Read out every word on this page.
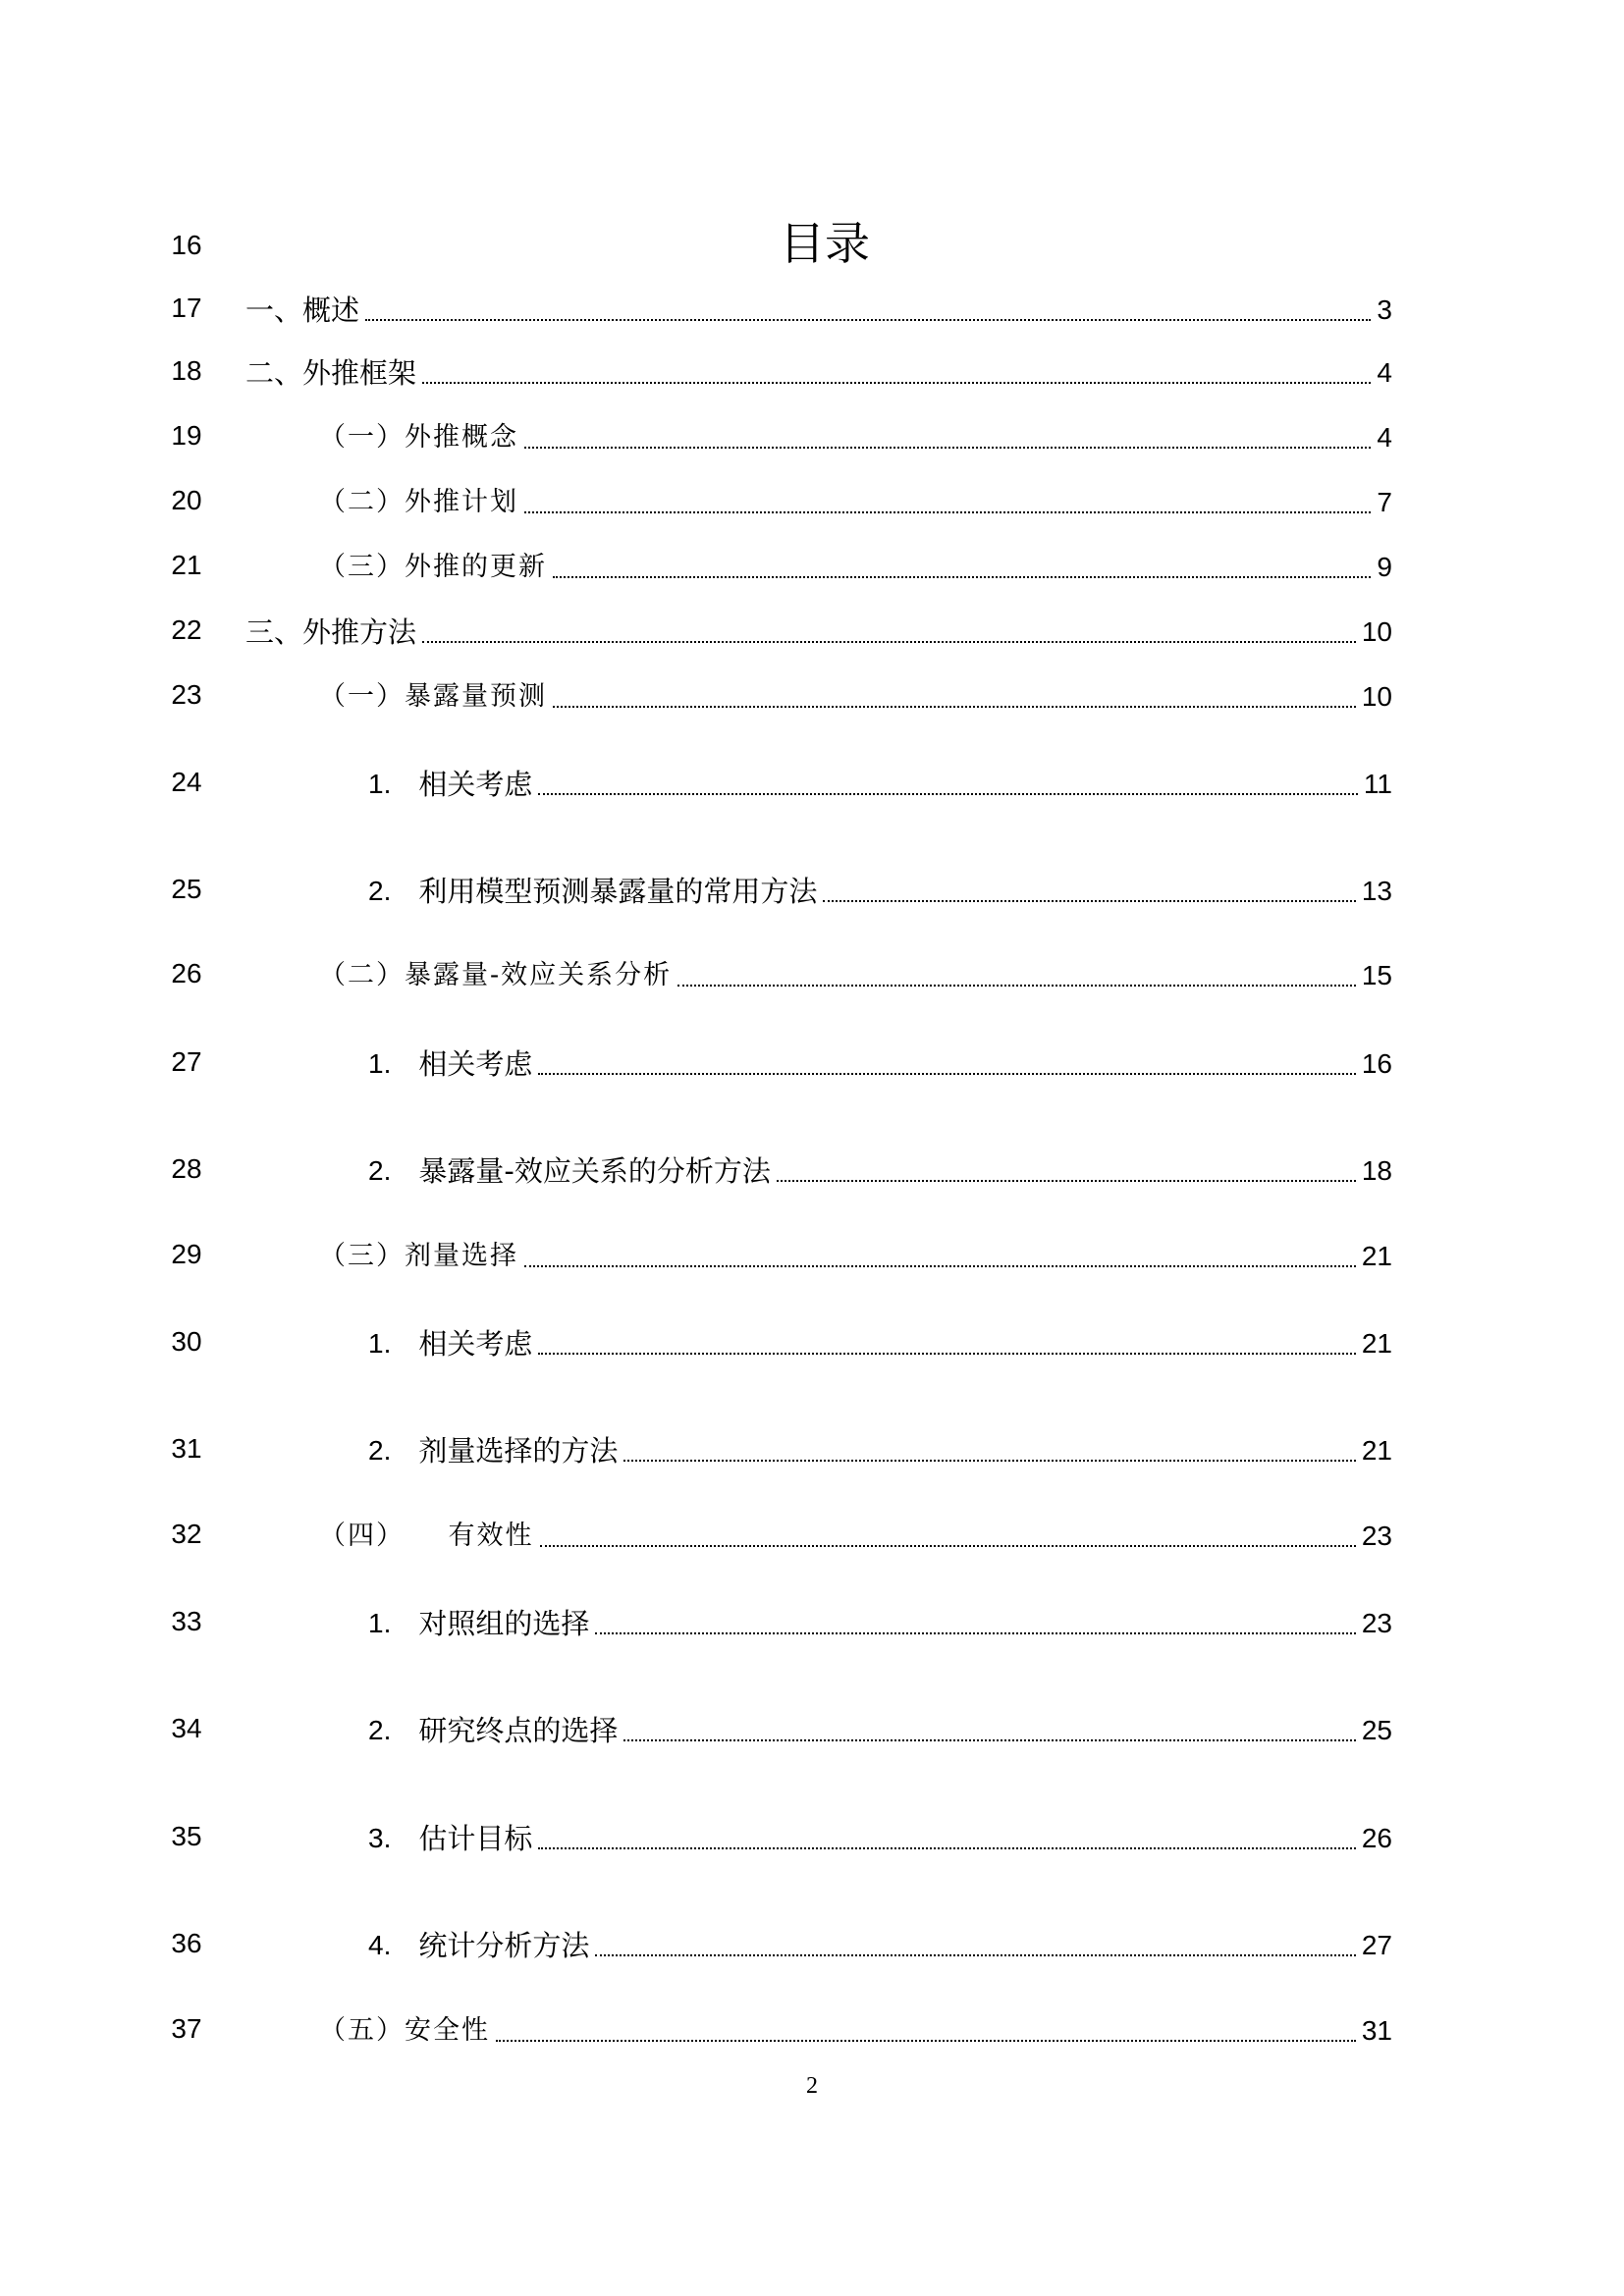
16	目录
17	一、概述	3
18	二、外推框架	4
19	（一）外推概念	4
20	（二）外推计划	7
21	（三）外推的更新	9
22	三、外推方法	10
23	（一）暴露量预测	10
24	1. 相关考虑	11
25	2. 利用模型预测暴露量的常用方法	13
26	（二）暴露量-效应关系分析	15
27	1. 相关考虑	16
28	2. 暴露量-效应关系的分析方法	18
29	（三）剂量选择	21
30	1. 相关考虑	21
31	2. 剂量选择的方法	21
32	（四）　　有效性	23
33	1. 对照组的选择	23
34	2. 研究终点的选择	25
35	3. 估计目标	26
36	4. 统计分析方法	27
37	（五）安全性	31
2
